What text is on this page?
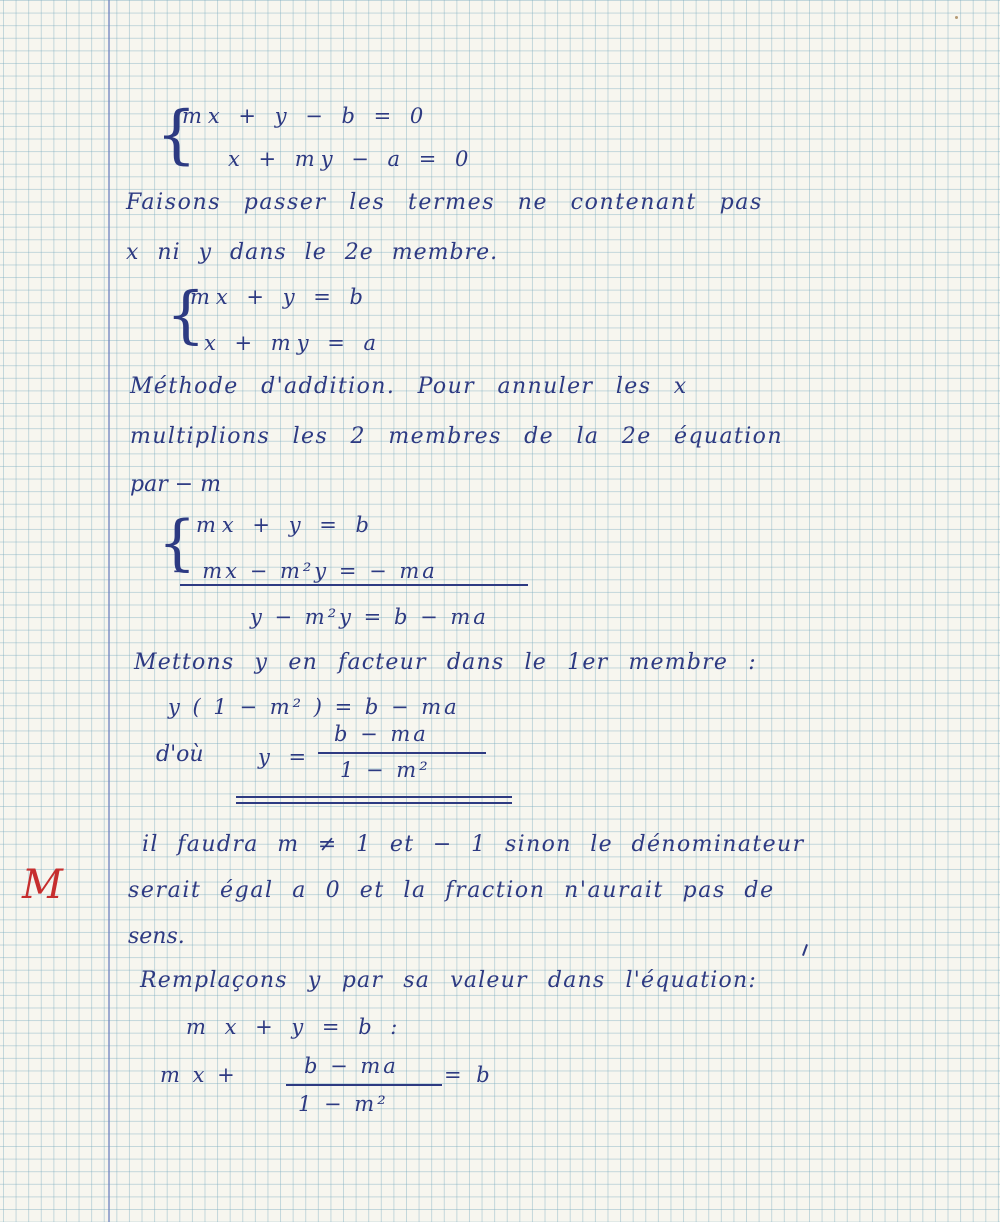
{
mx + y − b = 0
x + my − a = 0
Faisons passer les termes ne contenant pas
x ni y dans le 2e membre.
{
mx + y = b
x + my = a
Méthode d'addition. Pour annuler les x
multiplions les 2 membres de la 2e équation
par − m
{ mx + y = b
− mx − m²y = − ma
y − m²y = b − ma
Mettons y en facteur dans le 1er membre :
y ( 1 − m² ) = b − ma
d'où	y =
b − ma
1 − m²
il faudra m ≠ 1 et − 1 sinon le dénominateur
serait égal a 0 et la fraction n'aurait pas de
sens.
M
Remplaçons y par sa valeur dans l'équation:
m x + y = b :
m x +	b − ma
1 − m²
= b
